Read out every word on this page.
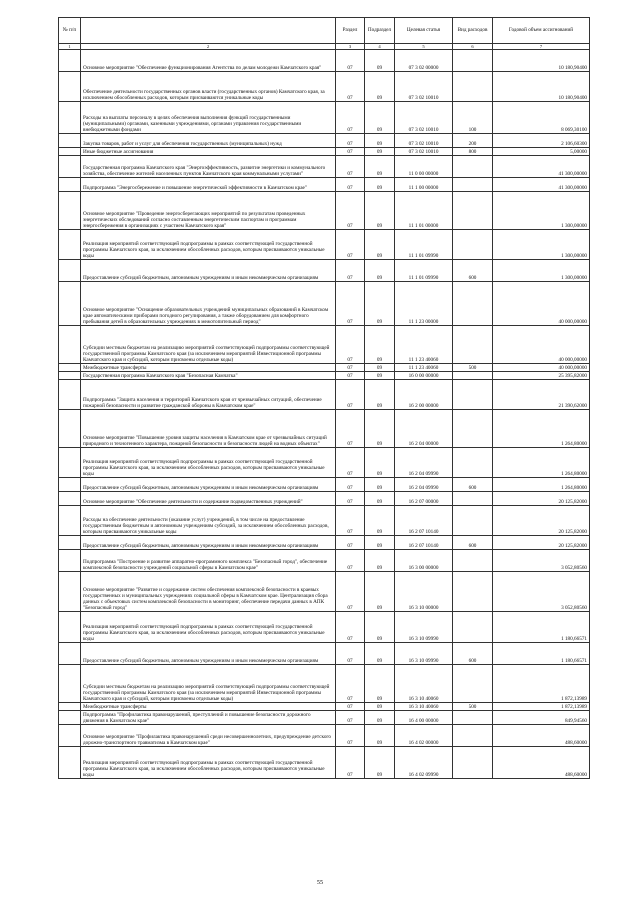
№ п/п		Раздел	Подраздел	Целевая статья	Вид расходов	Годовой объем ассигнований
1	2	3	4	5	6	7
	Основное мероприятие "Обеспечение функционирования Агентства по делам молодежи Камчатского края"	07	09	07 3 02 00000		10 180,90400
	Обеспечение деятельности государственных органов власти (государственных органов) Камчатского края, за исключением обособленных расходов, которым присваиваются уникальные коды	07	09	07 3 02 10010		10 180,90400
	Расходы на выплаты персоналу в целях обеспечения выполнения функций государственными (муниципальными) органами, казенными учреждениями, органами управления государственными внебюджетными фондами	07	09	07 3 02 10010	100	8 069,30100
	Закупка товаров, работ и услуг для обеспечения государственных (муниципальных) нужд	07	09	07 3 02 10010	200	2 106,60300
	Иные бюджетные ассигнования	07	09	07 3 02 10010	800	5,00000
	Государственная программа Камчатского края "Энергоэффективность, развитие энергетики и коммунального хозяйства, обеспечение жителей населенных пунктов Камчатского края коммунальными услугами"	07	09	11 0 00 00000		41 300,00000
	Подпрограмма "Энергосбережение и повышение энергетической эффективности в Камчатском крае"	07	09	11 1 00 00000		41 300,00000
	Основное мероприятие "Проведение энергосберегающих мероприятий по результатам проведенных энергетических обследований согласно составленным энергетическим паспортам и программам энергосбережения в организациях с участием Камчатского края"	07	09	11 1 01 00000		1 300,00000
	Реализация мероприятий соответствующей подпрограммы в рамках соответствующей государственной программы Камчатского края, за исключением обособленных расходов, которым присваиваются уникальные коды	07	09	11 1 01 09990		1 300,00000
	Предоставление субсидий бюджетным, автономным учреждениям и иным некоммерческим организациям	07	09	11 1 01 09990	600	1 300,00000
	Основное мероприятие "Оснащение образовательных учреждений муниципальных образований в Камчатском крае автоматическими приборами погодного регулирования, а также оборудованием для комфортного пребывания детей в образовательных учреждениях в межотопительный период"	07	09	11 1 23 00000		40 000,00000
	Субсидии местным бюджетам на реализацию мероприятий соответствующей подпрограммы соответствующей государственной программы Камчатского края (за исключением мероприятий Инвестиционной программы Камчатского края и субсидий, которым присвоены отдельные коды)	07	09	11 1 23 40060		40 000,00000
	Межбюджетные трансферты	07	09	11 1 23 40060	500	40 000,00000
	Государственная программа Камчатского края "Безопасная Камчатка"	07	09	16 0 00 00000		25 395,82000
	Подпрограмма "Защита населения и территорий Камчатского края от чрезвычайных ситуаций, обеспечение пожарной безопасности и развитие гражданской обороны в Камчатском крае"	07	09	16 2 00 00000		21 390,62000
	Основное мероприятие "Повышение уровня защиты населения в Камчатском крае от чрезвычайных ситуаций природного и техногенного характера, пожарной безопасности и безопасности людей на водных объектах"	07	09	16 2 04 00000		1 264,80000
	Реализация мероприятий соответствующей подпрограммы в рамках соответствующей государственной программы Камчатского края, за исключением обособленных расходов, которым присваиваются уникальные коды	07	09	16 2 04 09990		1 264,80000
	Предоставление субсидий бюджетным, автономным учреждениям и иным некоммерческим организациям	07	09	16 2 04 09990	600	1 264,80000
	Основное мероприятие "Обеспечение деятельности и содержание подведомственных учреждений"	07	09	16 2 07 00000		20 125,82000
	Расходы на обеспечение деятельности (оказание услуг) учреждений, в том числе на предоставление государственным бюджетным и автономным учреждениям субсидий, за исключением обособленных расходов, которым присваиваются уникальные коды	07	09	16 2 07 10140		20 125,82000
	Предоставление субсидий бюджетным, автономным учреждениям и иным некоммерческим организациям	07	09	16 2 07 10140	600	20 125,82000
	Подпрограмма "Построение и развитие аппаратно-программного комплекса "Безопасный город", обеспечение комплексной безопасности учреждений социальной сферы в Камчатском крае"	07	09	16 3 00 00000		3 052,80560
	Основное мероприятие "Развитие и содержание систем обеспечения комплексной безопасности в краевых государственных и муниципальных учреждениях социальной сферы в Камчатском крае. Централизация сбора данных с объектовых систем комплексной безопасности в мониторинг, обеспечение передачи данных в АПК "Безопасный город"	07	09	16 3 10 00000		3 052,80560
	Реализация мероприятий соответствующей подпрограммы в рамках соответствующей государственной программы Камчатского края, за исключением обособленных расходов, которым присваиваются уникальные коды	07	09	16 3 10 09990		1 180,66571
	Предоставление субсидий бюджетным, автономным учреждениям и иным некоммерческим организациям	07	09	16 3 10 09990	600	1 180,66571
	Субсидии местным бюджетам на реализацию мероприятий соответствующей подпрограммы соответствующей государственной программы Камчатского края (за исключением мероприятий Инвестиционной программы Камчатского края и субсидий, которым присвоены отдельные коды)	07	09	16 3 10 40060		1 872,13989
	Межбюджетные трансферты	07	09	16 3 10 40060	500	1 872,13989
	Подпрограмма "Профилактика правонарушений, преступлений и повышение безопасности дорожного движения в Камчатском крае"	07	09	16 4 00 00000		849,94560
	Основное мероприятие "Профилактика правонарушений среди несовершеннолетних, предупреждение детского дорожно-транспортного травматизма в Камчатском крае"	07	09	16 4 02 00000		488,60000
	Реализация мероприятий соответствующей подпрограммы в рамках соответствующей государственной программы Камчатского края, за исключением обособленных расходов, которым присваиваются уникальные коды	07	09	16 4 02 09990		488,60000
55
